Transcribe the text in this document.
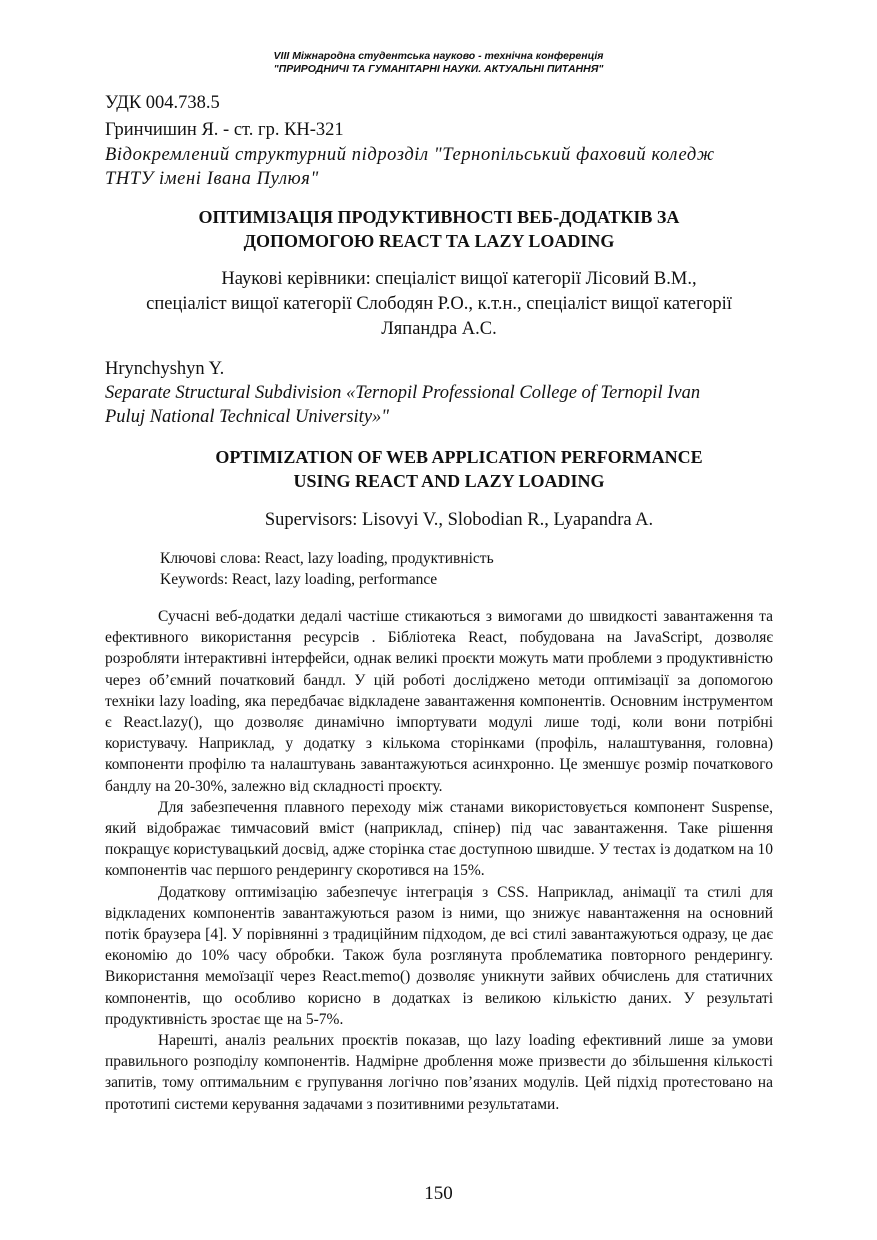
VIII Міжнародна студентська науково - технічна конференція
"ПРИРОДНИЧІ ТА ГУМАНІТАРНІ НАУКИ. АКТУАЛЬНІ ПИТАННЯ"
УДК 004.738.5
Гринчишин Я. - ст. гр. КН-321
Відокремлений структурний підрозділ "Тернопільський фаховий коледж
ТНТУ імені Івана Пулюя"
ОПТИМІЗАЦІЯ ПРОДУКТИВНОСТІ ВЕБ-ДОДАТКІВ ЗА
ДОПОМОГОЮ REACT ТА LAZY LOADING
Наукові керівники: спеціаліст вищої категорії Лісовий В.М.,
спеціаліст вищої категорії Слободян Р.О., к.т.н., спеціаліст вищої категорії
Ляпандра А.С.
Hrynchyshyn Y.
Separate Structural Subdivision «Ternopil Professional College of Ternopil Ivan
Puluj National Technical University»"
OPTIMIZATION OF WEB APPLICATION PERFORMANCE
USING REACT AND LAZY LOADING
Supervisors: Lisovyi V., Slobodian R., Lyapandra A.
Ключові слова: React, lazy loading, продуктивність
Keywords: React, lazy loading, performance

Сучасні веб-додатки дедалі частіше стикаються з вимогами до швидкості завантаження та ефективного використання ресурсів . Бібліотека React, побудована на JavaScript, дозволяє розробляти інтерактивні інтерфейси, однак великі проєкти можуть мати проблеми з продуктивністю через об’ємний початковий бандл. У цій роботі досліджено методи оптимізації за допомогою техніки lazy loading, яка передбачає відкладене завантаження компонентів. Основним інструментом є React.lazy(), що дозволяє динамічно імпортувати модулі лише тоді, коли вони потрібні користувачу. Наприклад, у додатку з кількома сторінками (профіль, налаштування, головна) компоненти профілю та налаштувань завантажуються асинхронно. Це зменшує розмір початкового бандлу на 20-30%, залежно від складності проєкту.

Для забезпечення плавного переходу між станами використовується компонент Suspense, який відображає тимчасовий вміст (наприклад, спінер) під час завантаження. Таке рішення покращує користувацький досвід, адже сторінка стає доступною швидше. У тестах із додатком на 10 компонентів час першого рендерингу скоротився на 15%.

Додаткову оптимізацію забезпечує інтеграція з CSS. Наприклад, анімації та стилі для відкладених компонентів завантажуються разом із ними, що знижує навантаження на основний потік браузера [4]. У порівнянні з традиційним підходом, де всі стилі завантажуються одразу, це дає економію до 10% часу обробки. Також була розглянута проблематика повторного рендерингу. Використання мемоїзації через React.memo() дозволяє уникнути зайвих обчислень для статичних компонентів, що особливо корисно в додатках із великою кількістю даних. У результаті продуктивність зростає ще на 5-7%.

Нарешті, аналіз реальних проєктів показав, що lazy loading ефективний лише за умови правильного розподілу компонентів. Надмірне дроблення може призвести до збільшення кількості запитів, тому оптимальним є групування логічно пов’язаних модулів. Цей підхід протестовано на прототипі системи керування задачами з позитивними результатами.

150
